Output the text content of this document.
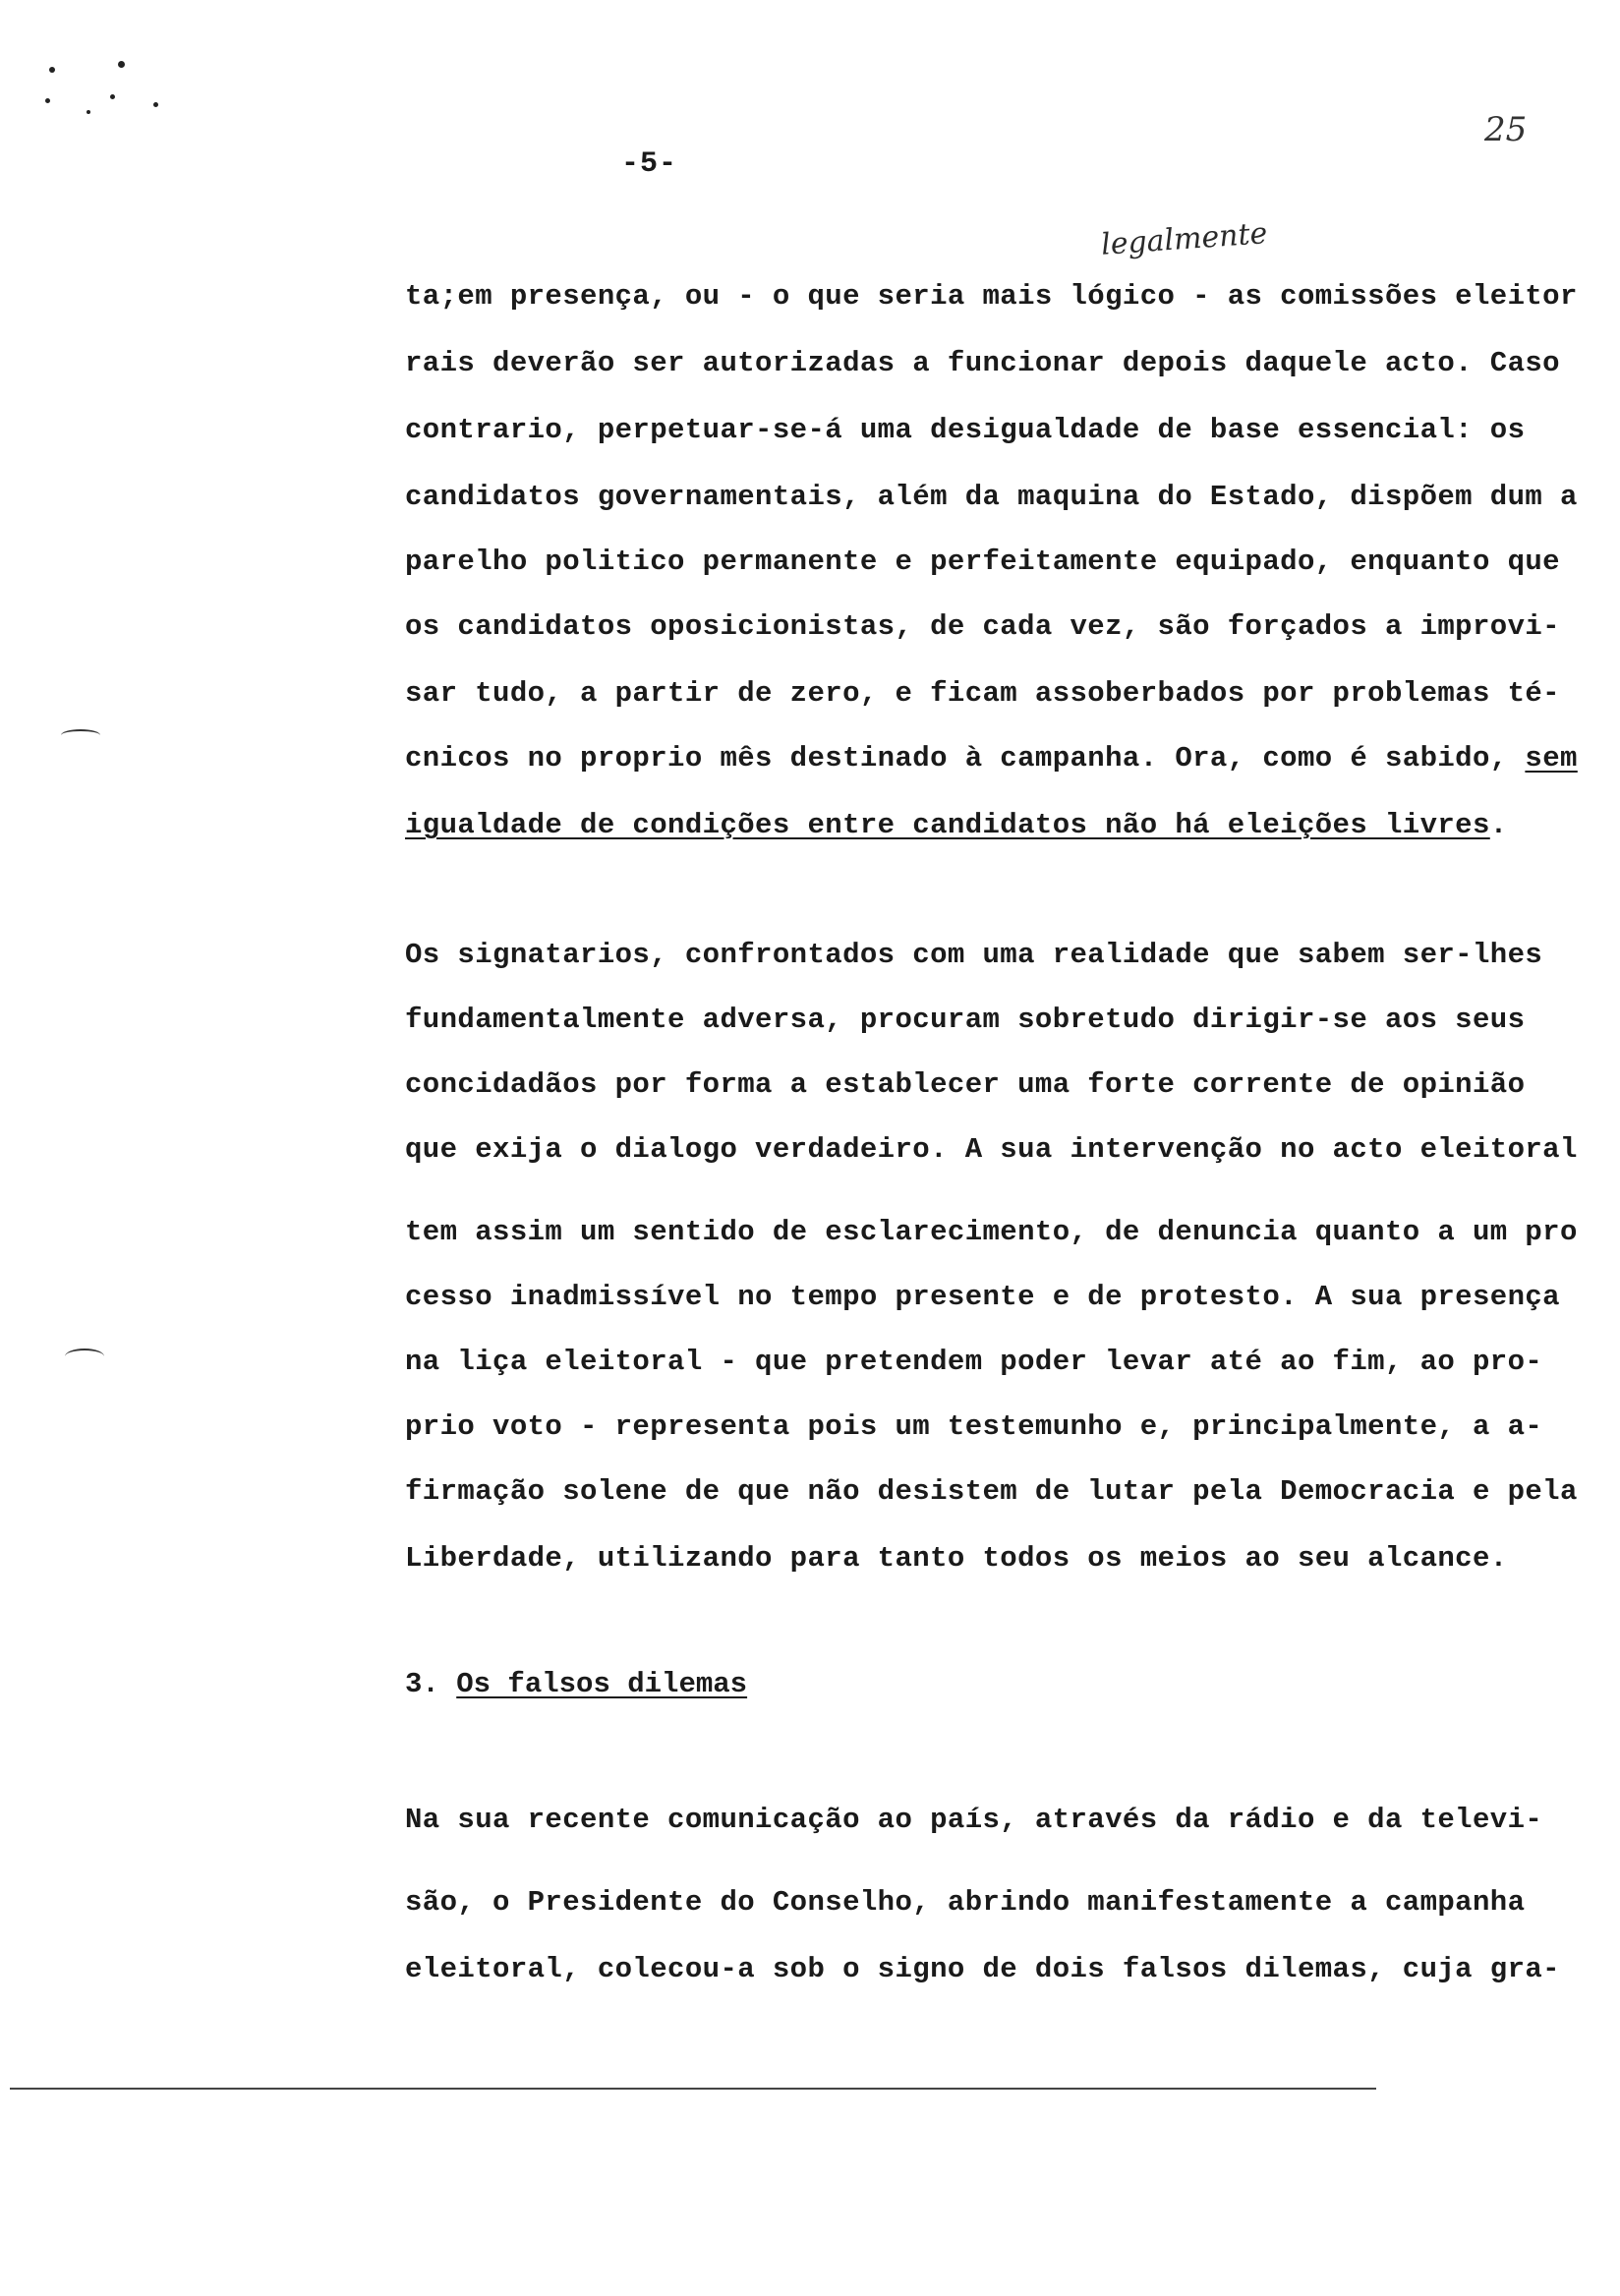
-5-
25
legalmente
ta;em presença, ou - o que seria mais lógico - as comissões eleitor
rais deverão ser autorizadas a funcionar depois daquele acto. Caso
contrario, perpetuar-se-á uma desigualdade de base essencial: os
candidatos governamentais, além da maquina do Estado, dispõem dum a
parelho politico permanente e perfeitamente equipado, enquanto que
os candidatos oposicionistas, de cada vez, são forçados a improvi-
sar tudo, a partir de zero, e ficam assoberbados por problemas té-
cnicos no proprio mês destinado à campanha. Ora, como é sabido, sem
igualdade de condições entre candidatos não há eleições livres.
Os signatarios, confrontados com uma realidade que sabem ser-lhes
fundamentalmente adversa, procuram sobretudo dirigir-se aos seus
concidadãos por forma a establecer uma forte corrente de opinião
que exija o dialogo verdadeiro. A sua intervenção no acto eleitoral
tem assim um sentido de esclarecimento, de denuncia quanto a um pro
cesso inadmissível no tempo presente e de protesto. A sua presença
na liça eleitoral - que pretendem poder levar até ao fim, ao pro-
prio voto - representa pois um testemunho e, principalmente, a a-
firmação solene de que não desistem de lutar pela Democracia e pela
Liberdade, utilizando para tanto todos os meios ao seu alcance.
3. Os falsos dilemas
Na sua recente comunicação ao país, através da rádio e da televi-
são, o Presidente do Conselho, abrindo manifestamente a campanha
eleitoral, colecou-a sob o signo de dois falsos dilemas, cuja gra-
